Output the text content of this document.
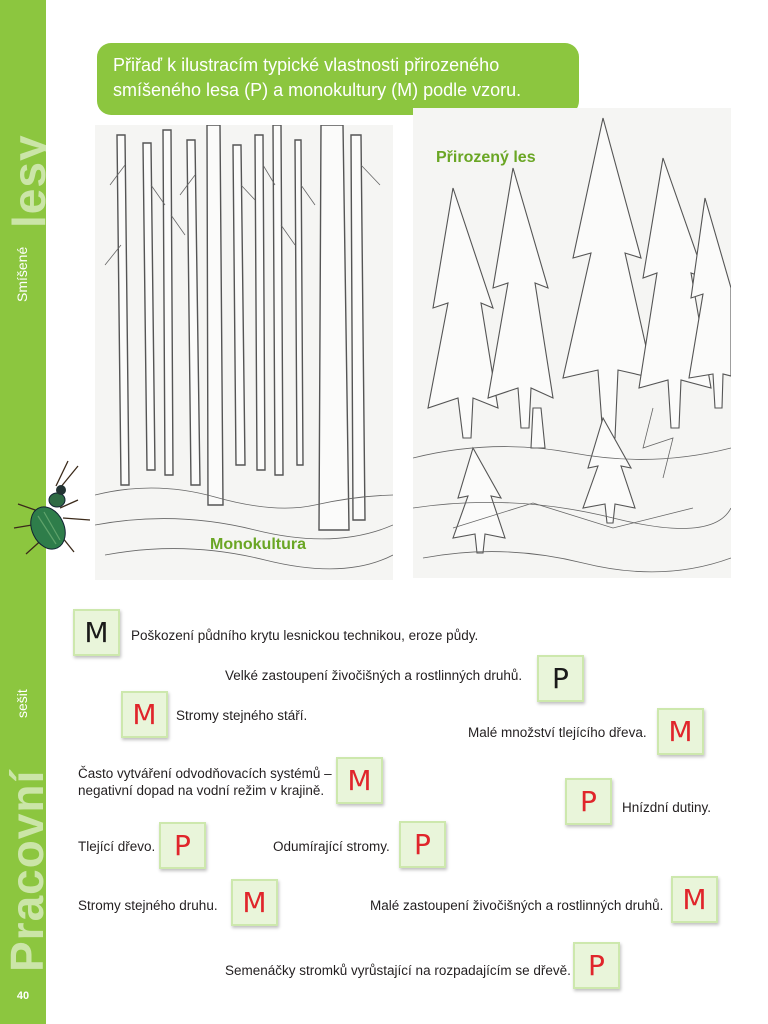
lesy
Smíšené
sešit
Pracovní
40
Přiřaď k ilustracím typické vlastnosti přirozeného
smíšeného lesa (P) a monokultury (M) podle vzoru.
Monokultura
Přirozený les
M	Poškození půdního krytu lesnickou technikou, eroze půdy.
Velké zastoupení živočišných a rostlinných druhů.	P
M	Stromy stejného stáří.
Malé množství tlejícího dřeva. M
Často vytváření odvodňovacích systémů –
negativní dopad na vodní režim v krajině. M
P	Hnízdní dutiny.
Tlející dřevo. P	Odumírající stromy. P
Stromy stejného druhu. M	Malé zastoupení živočišných a rostlinných druhů. M
Semenáčky stromků vyrůstající na rozpadajícím se dřevě. P
